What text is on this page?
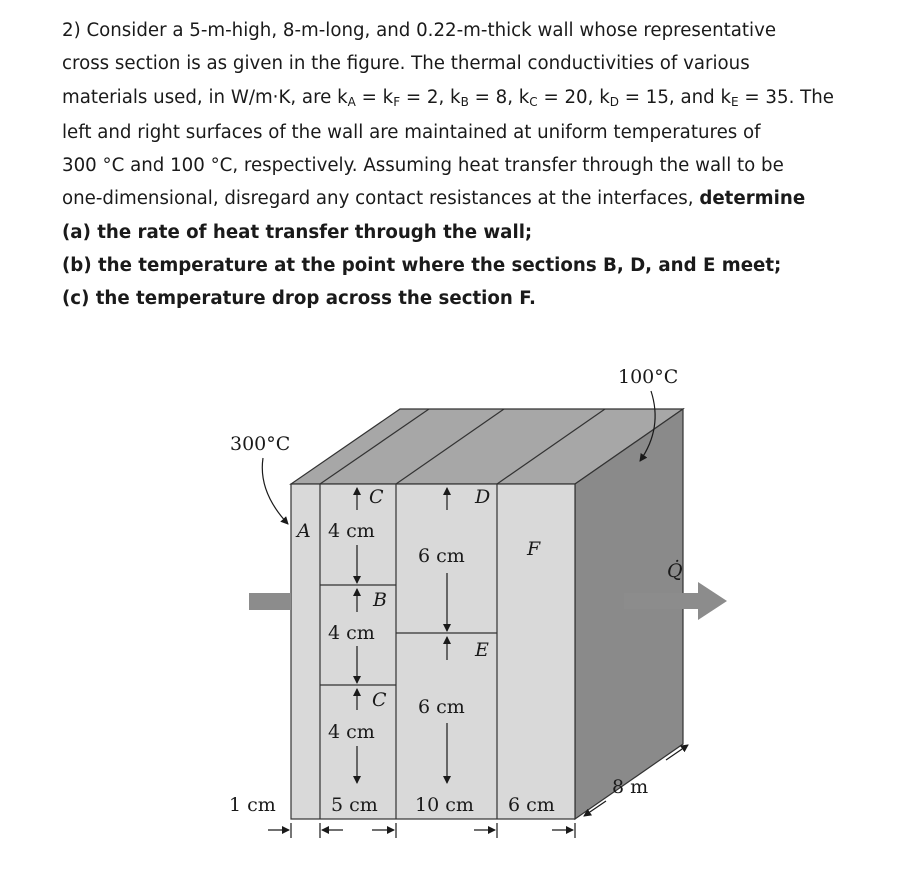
2) Consider a 5-m-high, 8-m-long, and 0.22-m-thick wall whose representative
cross section is as given in the figure. The thermal conductivities of various
materials used, in W/m·K, are kA = kF = 2, kB = 8, kC = 20, kD = 15, and kE = 35. The
left and right surfaces of the wall are maintained at uniform temperatures of
300 °C and 100 °C, respectively. Assuming heat transfer through the wall to be
one-dimensional, disregard any contact resistances at the interfaces, determine
(a) the rate of heat transfer through the wall;
(b) the temperature at the point where the sections B, D, and E meet;
(c) the temperature drop across the section F.
A
C
B
C
D
E
F
4 cm
4 cm
4 cm
6 cm
6 cm
300°C
100°C
Q̇
8 m
1 cm	5 cm 10 cm 6 cm
